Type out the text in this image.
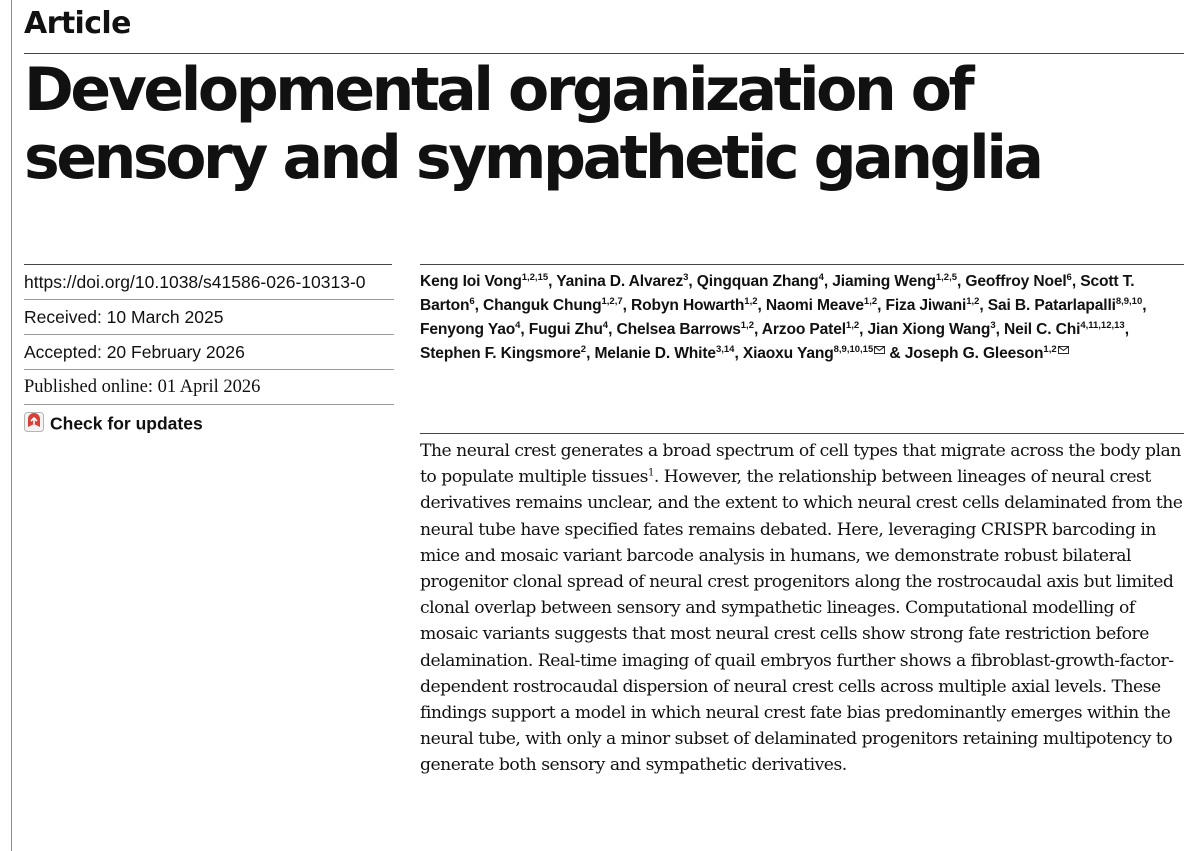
Article
Developmental organization of sensory and sympathetic ganglia
https://doi.org/10.1038/s41586-026-10313-0
Received: 10 March 2025
Accepted: 20 February 2026
Published online: 01 April 2026
Check for updates

Keng Ioi Vong$^{1,2,15}$, Yanina D. Alvarez$^3$, Qingquan Zhang$^4$, Jiaming Weng$^{1,2,5}$, Geoffroy Noel$^6$, Scott T. Barton$^6$, Changuk Chung$^{1,2,7}$, Robyn Howarth$^{1,2}$, Naomi Meave$^{1,2}$, Fiza Jiwani$^{1,2}$, Sai B. Patarlapalli$^{8,9,10}$, Fenyong Yao$^4$, Fugui Zhu$^4$, Chelsea Barrows$^{1,2}$, Arzoo Patel$^{1,2}$, Jian Xiong Wang$^3$, Neil C. Chi$^{4,11,12,13}$, Stephen F. Kingsmore$^2$, Melanie D. White$^{3,14}$, Xiaoxu Yang$^{8,9,10,15}$ & Joseph G. Gleeson$^{1,2}$

The neural crest generates a broad spectrum of cell types that migrate across the body plan to populate multiple tissues$^1$. However, the relationship between lineages of neural crest derivatives remains unclear, and the extent to which neural crest cells delaminated from the neural tube have specified fates remains debated. Here, leveraging CRISPR barcoding in mice and mosaic variant barcode analysis in humans, we demonstrate robust bilateral progenitor clonal spread of neural crest progenitors along the rostrocaudal axis but limited clonal overlap between sensory and sympathetic lineages. Computational modelling of mosaic variants suggests that most neural crest cells show strong fate restriction before delamination. Real-time imaging of quail embryos further shows a fibroblast-growth-factor-dependent rostrocaudal dispersion of neural crest cells across multiple axial levels. These findings support a model in which neural crest fate bias predominantly emerges within the neural tube, with only a minor subset of delaminated progenitors retaining multipotency to generate both sensory and sympathetic derivatives.
